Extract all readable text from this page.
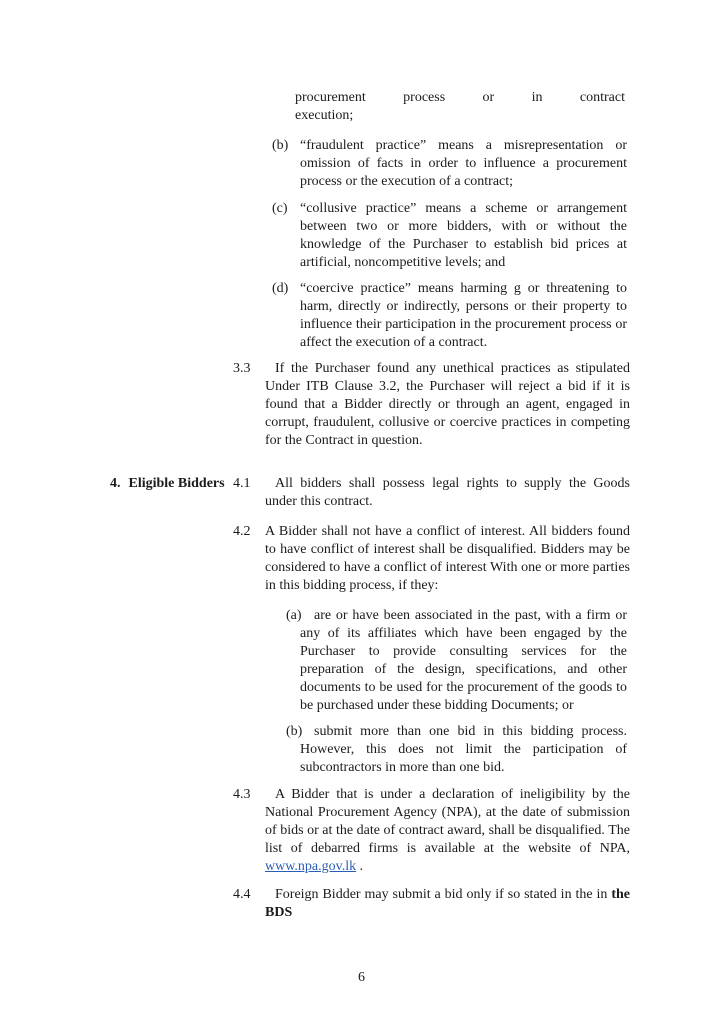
procurement process or in contract
execution;
(b) “fraudulent practice” means a misrepresentation or omission of facts in order to influence a procurement process or the execution of a contract;
(c) “collusive practice” means a scheme or arrangement between two or more bidders, with or without the knowledge of the Purchaser to establish bid prices at artificial, noncompetitive levels; and
(d) “coercive practice” means harming g or threatening to harm, directly or indirectly, persons or their property to influence their participation in the procurement process or affect the execution of a contract.
3.3	If the Purchaser found any unethical practices as stipulated Under ITB Clause 3.2, the Purchaser will reject a bid if it is found that a Bidder directly or through an agent, engaged in corrupt, fraudulent, collusive or coercive practices in competing for the Contract in question.
4. Eligible Bidders 4.1	All bidders shall possess legal rights to supply the Goods under this contract.
4.2	A Bidder shall not have a conflict of interest. All bidders found to have conflict of interest shall be disqualified. Bidders may be considered to have a conflict of interest With one or more parties in this bidding process, if they:
(a) are or have been associated in the past, with a firm or any of its affiliates which have been engaged by the Purchaser to provide consulting services for the preparation of the design, specifications, and other documents to be used for the procurement of the goods to be purchased under these bidding Documents; or
(b) submit more than one bid in this bidding process. However, this does not limit the participation of subcontractors in more than one bid.
4.3	A Bidder that is under a declaration of ineligibility by the National Procurement Agency (NPA), at the date of submission of bids or at the date of contract award, shall be disqualified. The list of debarred firms is available at the website of NPA, www.npa.gov.lk .
4.4	Foreign Bidder may submit a bid only if so stated in the in the BDS
6
